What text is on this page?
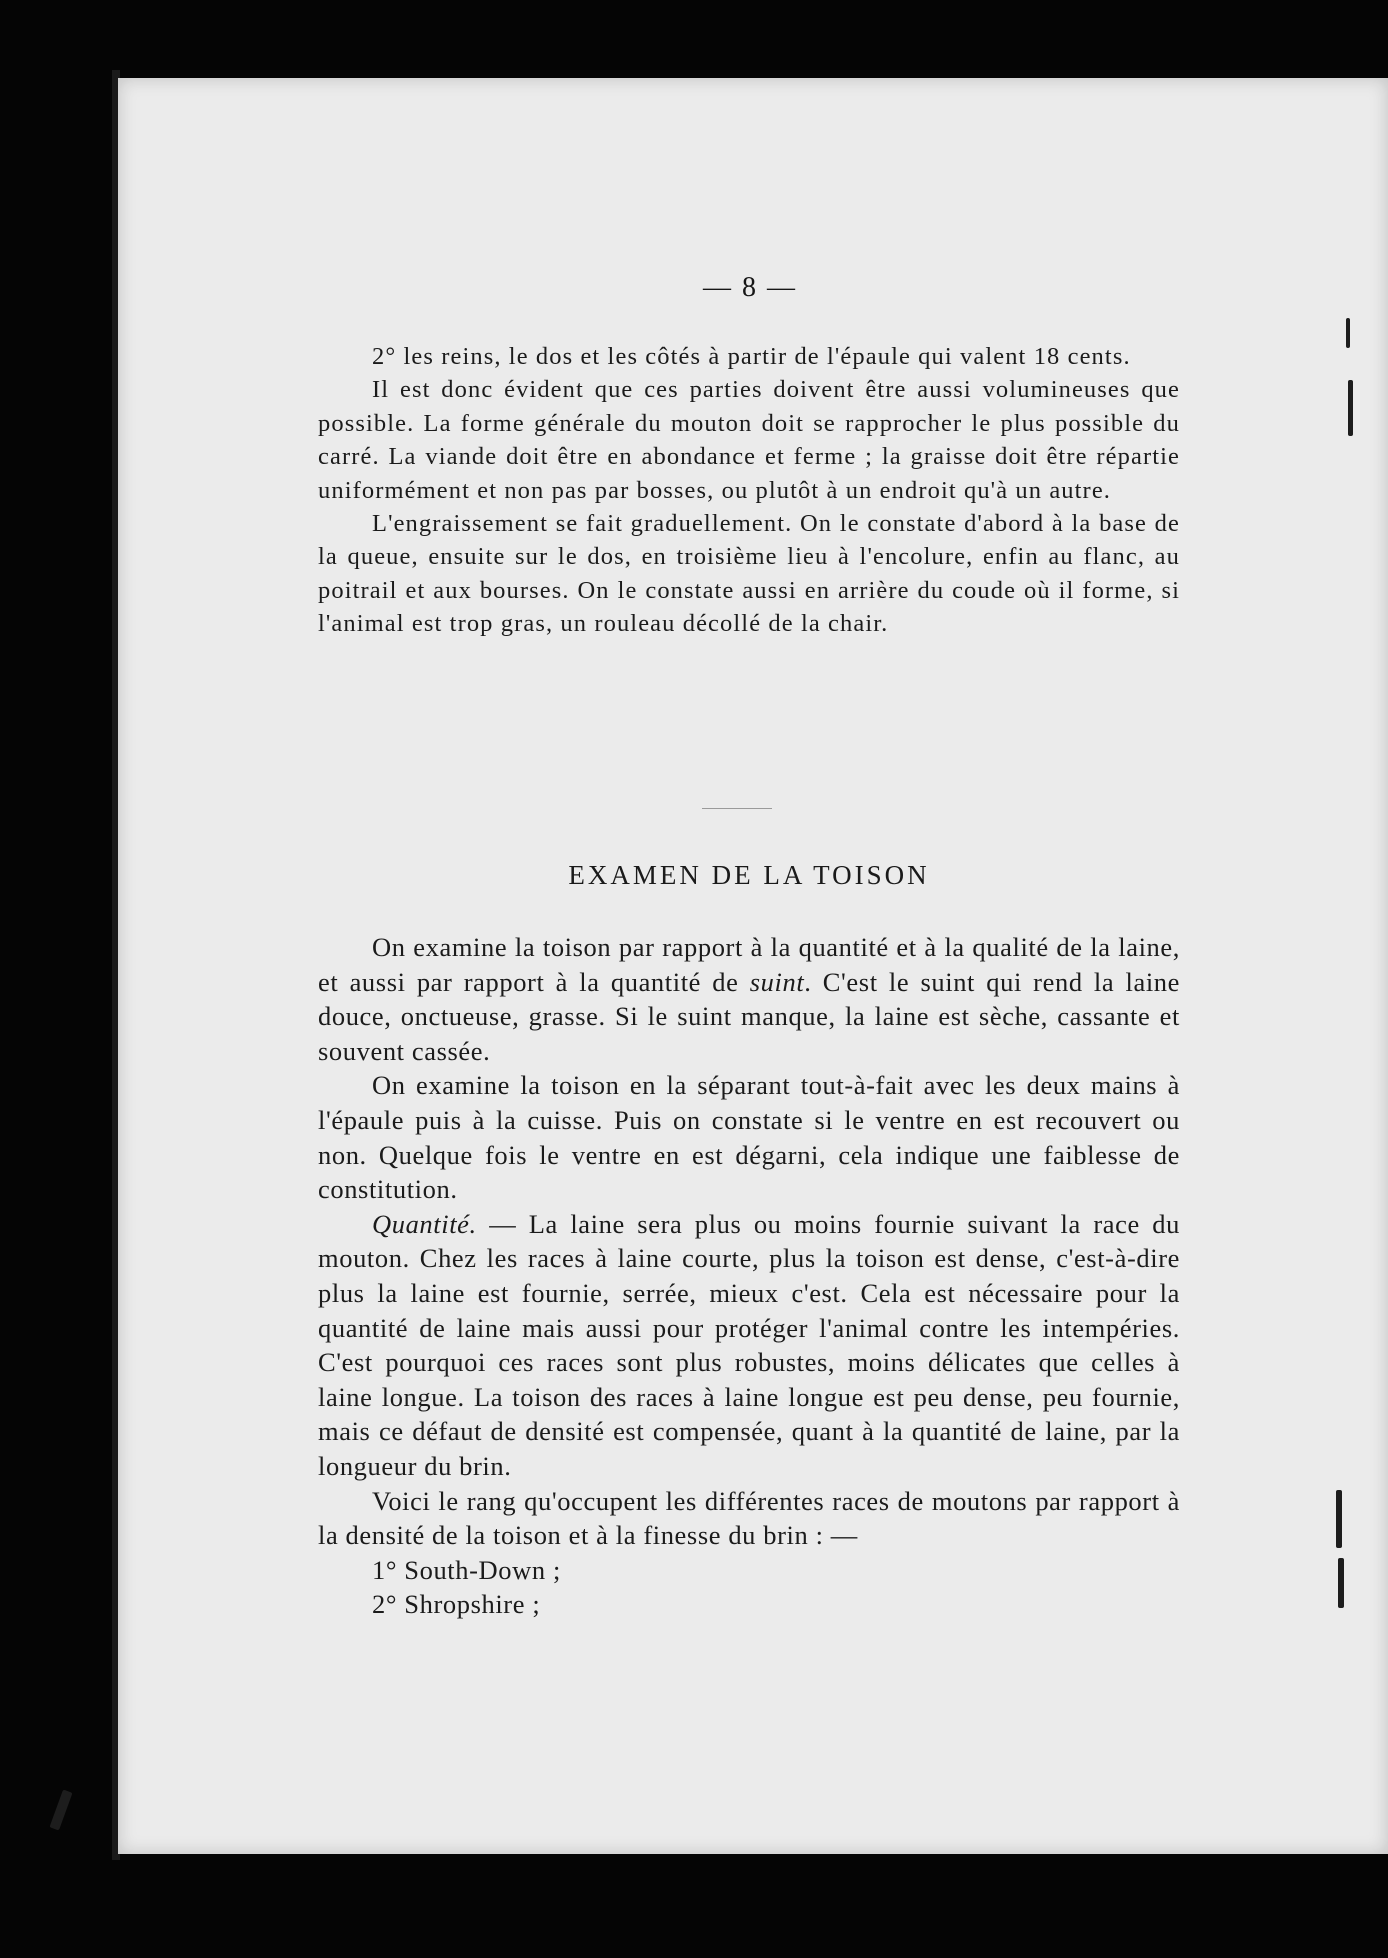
— 8 —

2° les reins, le dos et les côtés à partir de l'épaule qui valent 18 cents.

Il est donc évident que ces parties doivent être aussi volumineuses que possible. La forme générale du mouton doit se rapprocher le plus possible du carré. La viande doit être en abondance et ferme ; la graisse doit être répartie uniformément et non pas par bosses, ou plutôt à un endroit qu'à un autre.

L'engraissement se fait graduellement. On le constate d'abord à la base de la queue, ensuite sur le dos, en troisième lieu à l'encolure, enfin au flanc, au poitrail et aux bourses. On le constate aussi en arrière du coude où il forme, si l'animal est trop gras, un rouleau décollé de la chair.

EXAMEN DE LA TOISON

On examine la toison par rapport à la quantité et à la qualité de la laine, et aussi par rapport à la quantité de suint. C'est le suint qui rend la laine douce, onctueuse, grasse. Si le suint manque, la laine est sèche, cassante et souvent cassée.

On examine la toison en la séparant tout-à-fait avec les deux mains à l'épaule puis à la cuisse. Puis on constate si le ventre en est recouvert ou non. Quelque fois le ventre en est dégarni, cela indique une faiblesse de constitution.

Quantité. — La laine sera plus ou moins fournie suivant la race du mouton. Chez les races à laine courte, plus la toison est dense, c'est-à-dire plus la laine est fournie, serrée, mieux c'est. Cela est nécessaire pour la quantité de laine mais aussi pour protéger l'animal contre les intempéries. C'est pourquoi ces races sont plus robustes, moins délicates que celles à laine longue. La toison des races à laine longue est peu dense, peu fournie, mais ce défaut de densité est compensée, quant à la quantité de laine, par la longueur du brin.

Voici le rang qu'occupent les différentes races de moutons par rapport à la densité de la toison et à la finesse du brin : —

1° South-Down ;

2° Shropshire ;
